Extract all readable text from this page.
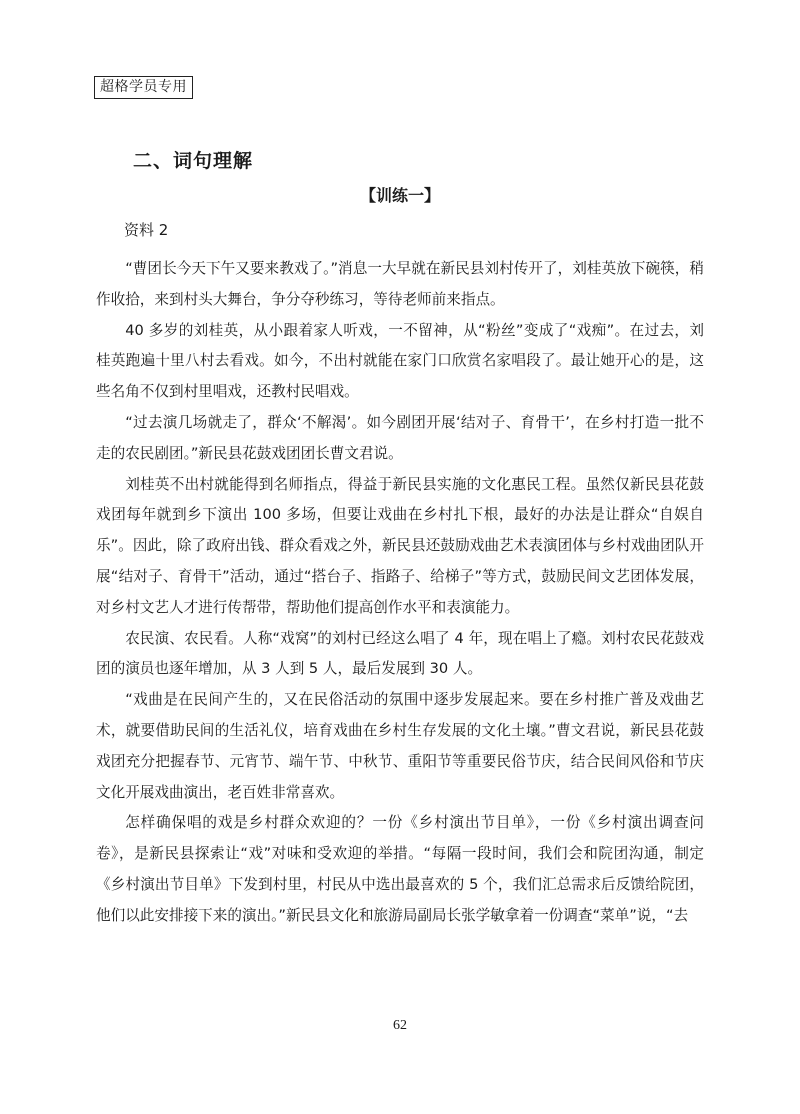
超格学员专用
二、词句理解
【训练一】
资料 2

“曹团长今天下午又要来教戏了。”消息一大早就在新民县刘村传开了，刘桂英放下碗筷，稍作收拾，来到村头大舞台，争分夺秒练习，等待老师前来指点。

40 多岁的刘桂英，从小跟着家人听戏，一不留神，从“粉丝”变成了“戏痴”。在过去，刘桂英跑遍十里八村去看戏。如今，不出村就能在家门口欣赏名家唱段了。最让她开心的是，这些名角不仅到村里唱戏，还教村民唱戏。

“过去演几场就走了，群众‘不解渴’。如今剧团开展‘结对子、育骨干’，在乡村打造一批不走的农民剧团。”新民县花鼓戏团团长曹文君说。

刘桂英不出村就能得到名师指点，得益于新民县实施的文化惠民工程。虽然仅新民县花鼓戏团每年就到乡下演出 100 多场，但要让戏曲在乡村扎下根，最好的办法是让群众“自娱自乐”。因此，除了政府出钱、群众看戏之外，新民县还鼓励戏曲艺术表演团体与乡村戏曲团队开展“结对子、育骨干”活动，通过“搭台子、指路子、给梯子”等方式，鼓励民间文艺团体发展，对乡村文艺人才进行传帮带，帮助他们提高创作水平和表演能力。

农民演、农民看。人称“戏窝”的刘村已经这么唱了 4 年，现在唱上了瘾。刘村农民花鼓戏团的演员也逐年增加，从 3 人到 5 人，最后发展到 30 人。

“戏曲是在民间产生的，又在民俗活动的氛围中逐步发展起来。要在乡村推广普及戏曲艺术，就要借助民间的生活礼仪，培育戏曲在乡村生存发展的文化土壤。”曹文君说，新民县花鼓戏团充分把握春节、元宵节、端午节、中秋节、重阳节等重要民俗节庆，结合民间风俗和节庆文化开展戏曲演出，老百姓非常喜欢。

怎样确保唱的戏是乡村群众欢迎的？一份《乡村演出节目单》，一份《乡村演出调查问卷》，是新民县探索让“戏”对味和受欢迎的举措。“每隔一段时间，我们会和院团沟通，制定《乡村演出节目单》下发到村里，村民从中选出最喜欢的 5 个，我们汇总需求后反馈给院团，他们以此安排接下来的演出。”新民县文化和旅游局副局长张学敏拿着一份调查“菜单”说，“去

62
